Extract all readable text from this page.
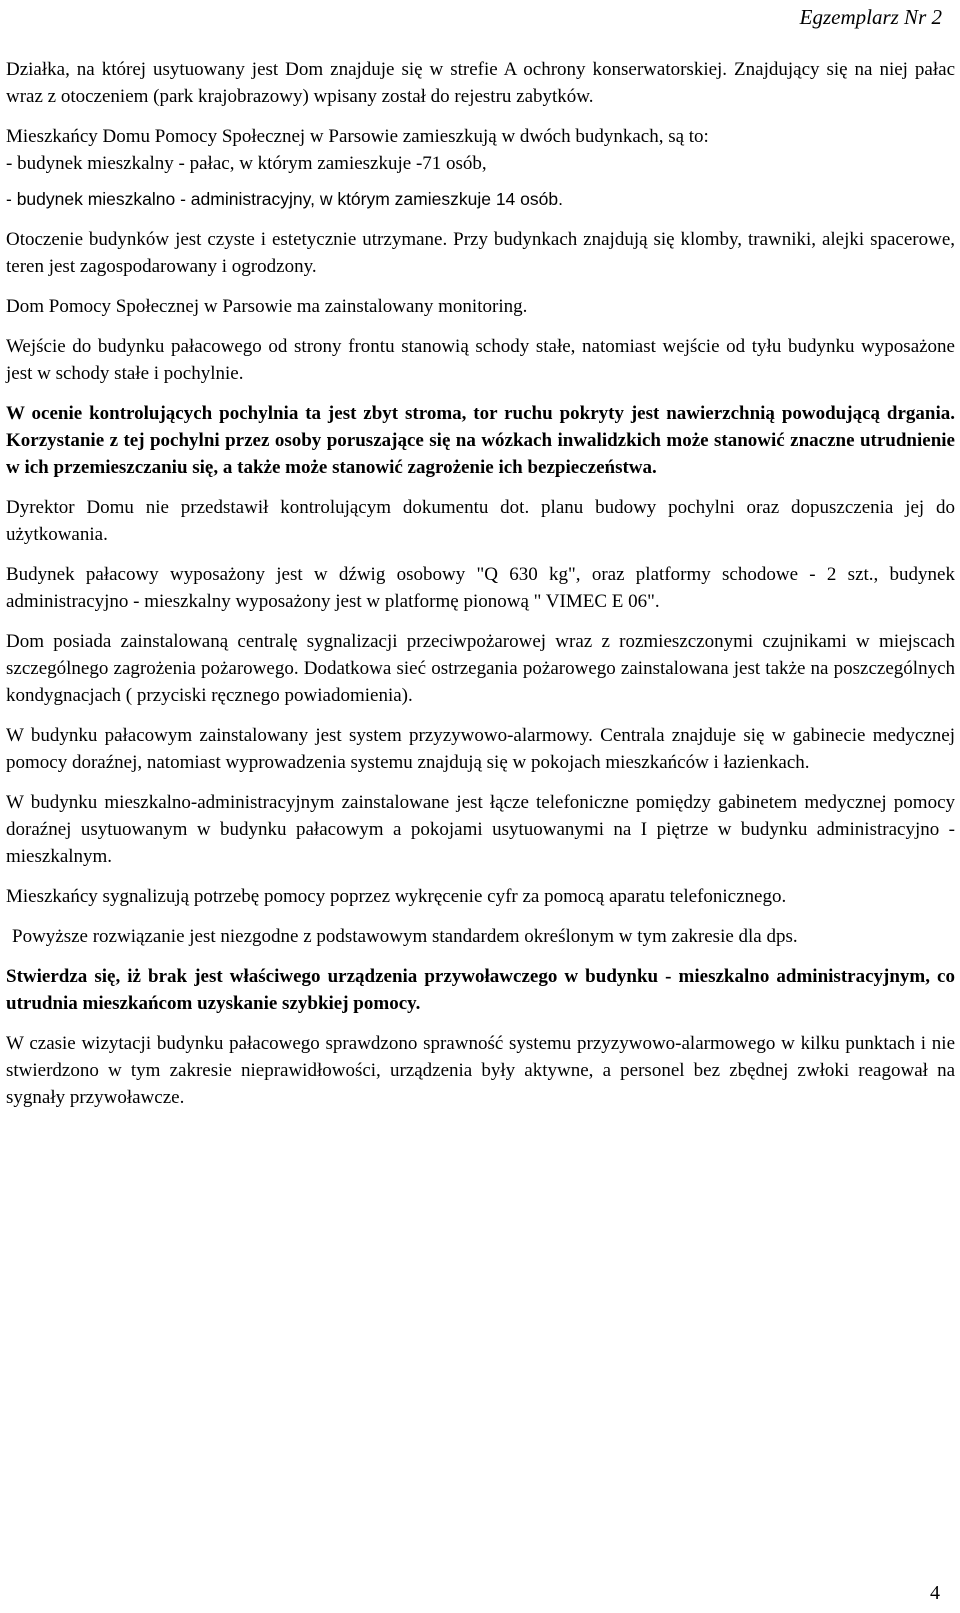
Egzemplarz Nr 2

Działka, na której usytuowany jest Dom znajduje się w strefie A ochrony konserwatorskiej. Znajdujący się na niej pałac wraz z otoczeniem (park krajobrazowy) wpisany został do rejestru zabytków.

Mieszkańcy Domu Pomocy Społecznej w Parsowie zamieszkują w dwóch budynkach, są to:

- budynek mieszkalny - pałac, w którym zamieszkuje -71 osób,

- budynek mieszkalno - administracyjny, w którym zamieszkuje 14 osób.

Otoczenie budynków jest czyste i estetycznie utrzymane. Przy budynkach znajdują się klomby, trawniki, alejki spacerowe, teren jest zagospodarowany i ogrodzony.

Dom Pomocy Społecznej w Parsowie ma zainstalowany monitoring.

Wejście do budynku pałacowego od strony frontu stanowią schody stałe, natomiast wejście od tyłu budynku wyposażone jest w schody stałe i pochylnie.

W ocenie kontrolujących pochylnia ta jest zbyt stroma, tor ruchu pokryty jest nawierzchnią powodującą drgania. Korzystanie z tej pochylni przez osoby poruszające się na wózkach inwalidzkich może stanowić znaczne utrudnienie w ich przemieszczaniu się, a także może stanowić zagrożenie ich bezpieczeństwa.

Dyrektor Domu nie przedstawił kontrolującym dokumentu dot. planu budowy pochylni oraz dopuszczenia jej do użytkowania.

Budynek pałacowy wyposażony jest w dźwig osobowy "Q 630 kg", oraz platformy schodowe - 2 szt., budynek administracyjno - mieszkalny wyposażony jest w platformę pionową " VIMEC E 06".

Dom posiada zainstalowaną centralę sygnalizacji przeciwpożarowej wraz z rozmieszczonymi czujnikami w miejscach szczególnego zagrożenia pożarowego. Dodatkowa sieć ostrzegania pożarowego zainstalowana jest także na poszczególnych kondygnacjach ( przyciski ręcznego powiadomienia).

W budynku pałacowym zainstalowany jest system przyzywowo-alarmowy. Centrala znajduje się w gabinecie medycznej pomocy doraźnej, natomiast wyprowadzenia systemu znajdują się w pokojach mieszkańców i łazienkach.

W budynku mieszkalno-administracyjnym zainstalowane jest łącze telefoniczne pomiędzy gabinetem medycznej pomocy doraźnej usytuowanym w budynku pałacowym a pokojami usytuowanymi na I piętrze w budynku administracyjno - mieszkalnym.

Mieszkańcy sygnalizują potrzebę pomocy poprzez wykręcenie cyfr za pomocą aparatu telefonicznego.

Powyższe rozwiązanie jest niezgodne z podstawowym standardem określonym w tym zakresie dla dps.

Stwierdza się, iż brak jest właściwego urządzenia przywoławczego w budynku - mieszkalno administracyjnym, co utrudnia mieszkańcom uzyskanie szybkiej pomocy.

W czasie wizytacji budynku pałacowego sprawdzono sprawność systemu przyzywowo-alarmowego w kilku punktach i nie stwierdzono w tym zakresie nieprawidłowości, urządzenia były aktywne, a personel bez zbędnej zwłoki reagował na sygnały przywoławcze.

4
